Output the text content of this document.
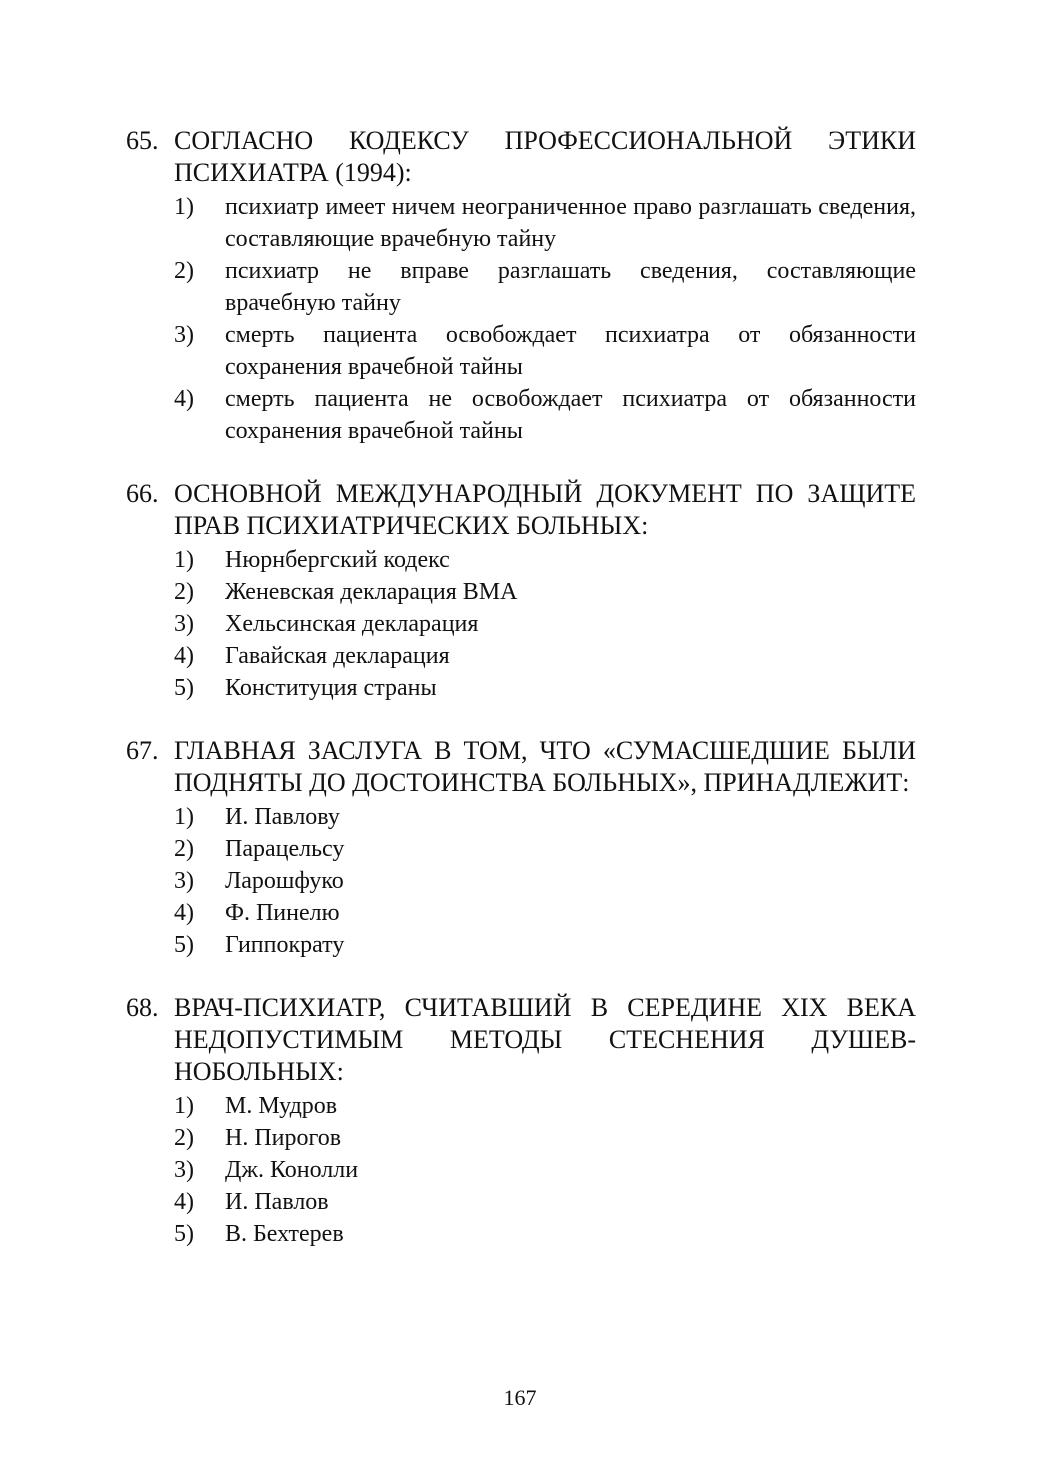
65. СОГЛАСНО КОДЕКСУ ПРОФЕССИОНАЛЬНОЙ ЭТИКИ ПСИХИАТРА (1994):
1)	психиатр имеет ничем неограниченное право разглашать сведения, составляющие врачебную тайну
2)	психиатр не вправе разглашать сведения, составляющие врачебную тайну
3)	смерть пациента освобождает психиатра от обязанности сохранения врачебной тайны
4)	смерть пациента не освобождает психиатра от обязанности сохранения врачебной тайны
66. ОСНОВНОЙ МЕЖДУНАРОДНЫЙ ДОКУМЕНТ ПО ЗАЩИТЕ ПРАВ ПСИХИАТРИЧЕСКИХ БОЛЬНЫХ:
1)	Нюрнбергский кодекс
2)	Женевская декларация ВМА
3)	Хельсинская декларация
4)	Гавайская декларация
5)	Конституция страны
67. ГЛАВНАЯ ЗАСЛУГА В ТОМ, ЧТО «СУМАСШЕДШИЕ БЫЛИ ПОДНЯТЫ ДО ДОСТОИНСТВА БОЛЬНЫХ», ПРИНАДЛЕЖИТ:
1)	И. Павлову
2)	Парацельсу
3)	Ларошфуко
4)	Ф. Пинелю
5)	Гиппократу
68. ВРАЧ-ПСИХИАТР, СЧИТАВШИЙ В СЕРЕДИНЕ XIX ВЕКА НЕДОПУСТИМЫМ МЕТОДЫ СТЕСНЕНИЯ ДУШЕВНОБОЛЬНЫХ:
1)	М. Мудров
2)	Н. Пирогов
3)	Дж. Конолли
4)	И. Павлов
5)	В. Бехтерев
167
